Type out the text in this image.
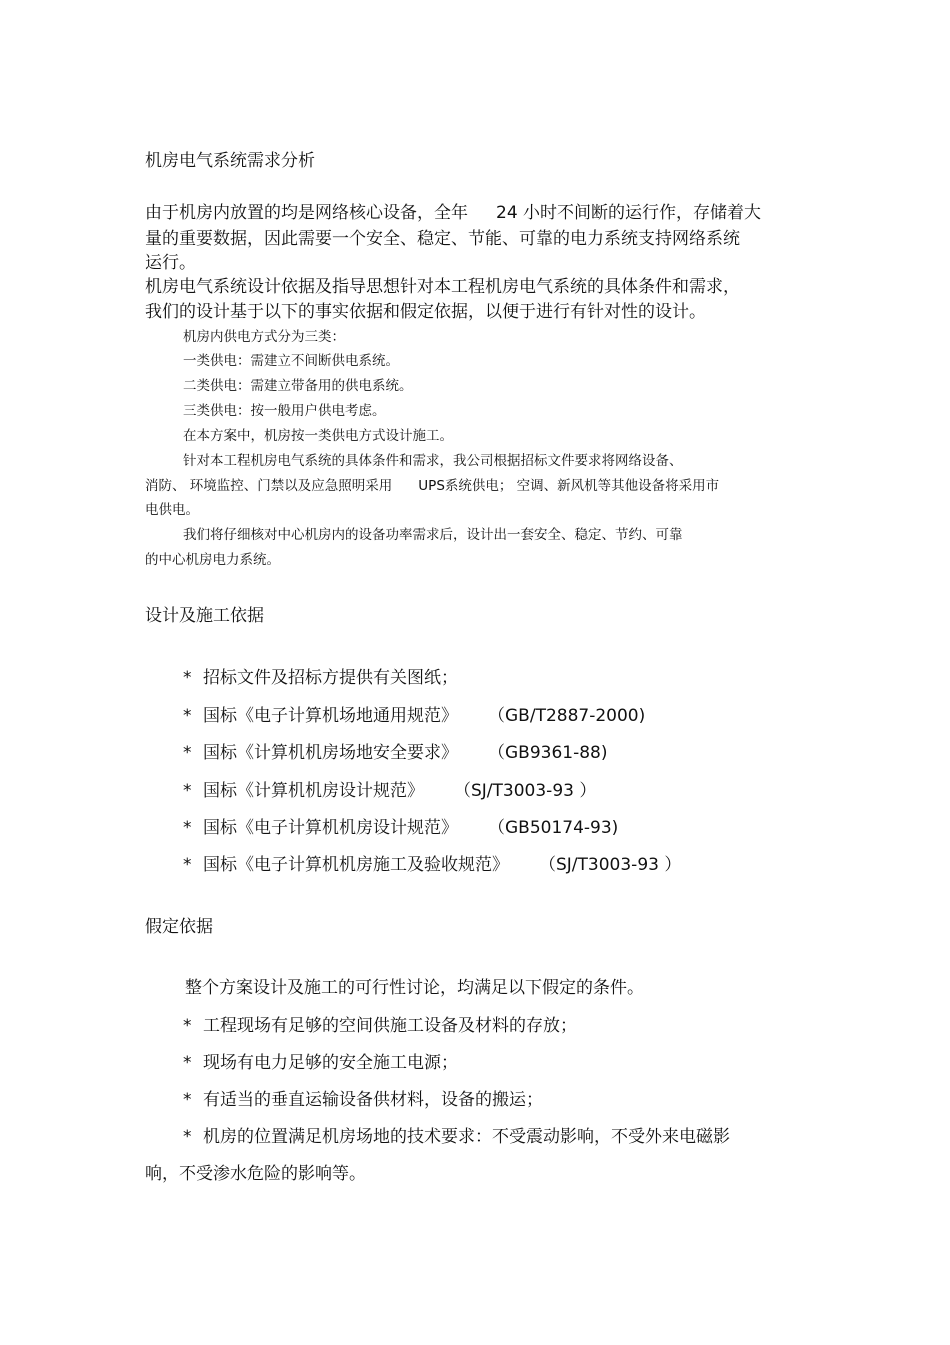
机房电气系统需求分析

由于机房内放置的均是网络核心设备，全年 24 小时不间断的运行作，存储着大

量的重要数据，因此需要一个安全、稳定、节能、可靠的电力系统支持网络系统

运行。

机房电气系统设计依据及指导思想针对本工程机房电气系统的具体条件和需求，

我们的设计基于以下的事实依据和假定依据，以便于进行有针对性的设计。

机房内供电方式分为三类：

一类供电：需建立不间断供电系统。

二类供电：需建立带备用的供电系统。

三类供电：按一般用户供电考虑。

在本方案中，机房按一类供电方式设计施工。

针对本工程机房电气系统的具体条件和需求，我公司根据招标文件要求将网络设备、

消防、 环境监控、门禁以及应急照明采用 UPS系统供电； 空调、新风机等其他设备将采用市

电供电。

我们将仔细核对中心机房内的设备功率需求后，设计出一套安全、稳定、节约、可靠

的中心机房电力系统。

设计及施工依据

* 招标文件及招标方提供有关图纸；

* 国标《电子计算机场地通用规范》 （GB/T2887-2000)

* 国标《计算机机房场地安全要求》 （GB9361-88)

* 国标《计算机机房设计规范》 （SJ/T3003-93 ）

* 国标《电子计算机机房设计规范》 （GB50174-93)

* 国标《电子计算机机房施工及验收规范》 （SJ/T3003-93 ）

假定依据

整个方案设计及施工的可行性讨论，均满足以下假定的条件。

* 工程现场有足够的空间供施工设备及材料的存放；

* 现场有电力足够的安全施工电源；

* 有适当的垂直运输设备供材料，设备的搬运；

* 机房的位置满足机房场地的技术要求：不受震动影响，不受外来电磁影

响，不受渗水危险的影响等。
